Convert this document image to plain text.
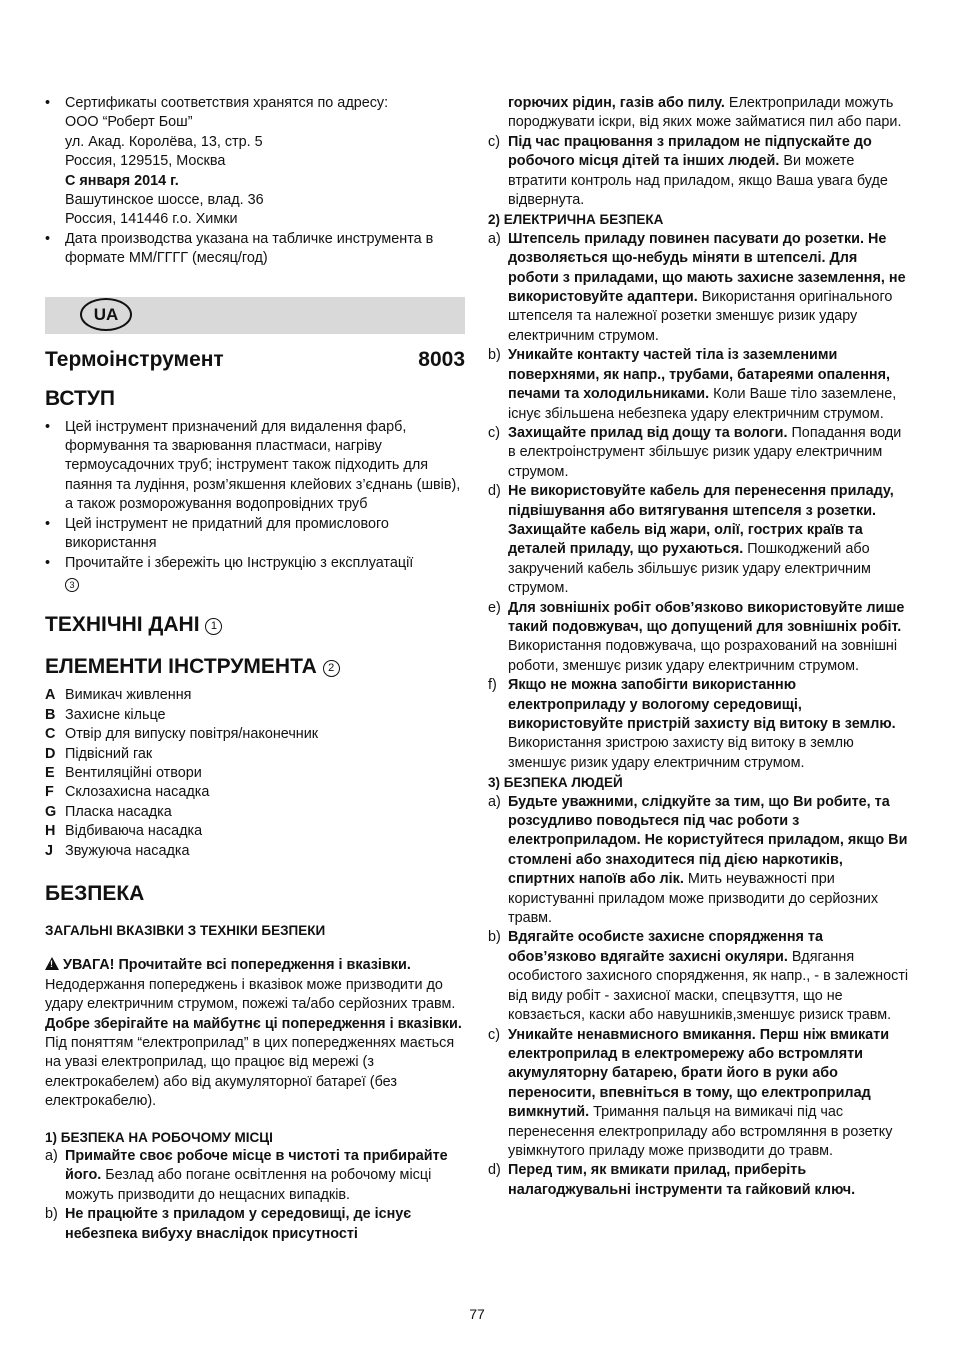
• Сертификаты соответствия хранятся по адресу:
ООО “Роберт Бош”
ул. Акад. Королёва, 13, стр. 5
Россия, 129515, Москва
С января 2014 г.
Вашутинское шоссе, влад. 36
Россия, 141446 г.о. Химки
• Дата производства указана на табличке инструмента в формате ММ/ГГГГ (месяц/год)
UA
Термоінструмент	8003
ВСТУП
• Цей інструмент призначений для видалення фарб, формування та зварювання пластмаси, нагріву термоусадочних труб; інструмент також підходить для паяння та лудіння, розм’якшення клейових з’єднань (швів), а також розморожування водопровідних труб
• Цей інструмент не придатний для промислового використання
• Прочитайте і збережіть цю Інструкцію з експлуатації
3
ТЕХНІЧНІ ДАНІ 1
ЕЛЕМЕНТИ ІНСТРУМЕНТА 2
A Вимикач живлення
B Захисне кільце
C Отвір для випуску повітря/наконечник
D Підвісний гак
E Вентиляційні отвори
F Склозахисна насадка
G Пласка насадка
H Відбиваюча насадка
J Звужуюча насадка
БЕЗПЕКА
ЗАГАЛЬНІ ВКАЗІВКИ З ТЕХНІКИ БЕЗПЕКИ
!УВАГА! Прочитайте всі попередження і вказівки. Недодержання попереджень і вказівок може призводити до удару електричним струмом, пожежі та/або серйозних травм. Добре зберігайте на майбутнє ці попередження і вказівки. Під поняттям “електроприлад” в цих попередженнях мається на увазі електроприлад, що працює від мережі (з електрокабелем) або від акумуляторної батареї (без електрокабелю).
1) БЕЗПЕКА НА РОБОЧОМУ МІСЦІ
a) Примайте своє робоче місце в чистоті та прибирайте його. Безлад або погане освітлення на робочому місці можуть призводити до нещасних випадків.
b) Не працюйте з приладом у середовищі, де існує небезпека вибуху внаслідок присутності
горючих рідин, газів або пилу. Електроприлади можуть породжувати іскри, від яких може займатися пил або пари.
c) Під час працювання з приладом не підпускайте до робочого місця дітей та інших людей. Ви можете втратити контроль над приладом, якщо Ваша увага буде відвернута.
2) ЕЛЕКТРИЧНА БЕЗПЕКА
a) Штепсель приладу повинен пасувати до розетки. Не дозволяється що-небудь міняти в штепселі. Для роботи з приладами, що мають захисне заземлення, не використовуйте адаптери. Використання оригінального штепселя та належної розетки зменшує ризик удару електричним струмом.
b) Уникайте контакту частей тіла із заземленими поверхнями, як напр., трубами, батареями опалення, печами та холодильниками. Коли Ваше тіло заземлене, існує збільшена небезпека удару електричним струмом.
c) Захищайте прилад від дощу та вологи. Попадання води в електроінструмент збільшує ризик удару електричним струмом.
d) Не використовуйте кабель для перенесення приладу, підвішування або витягування штепселя з розетки. Захищайте кабель від жари, олії, гострих країв та деталей приладу, що рухаються. Пошкоджений або закручений кабель збільшує ризик удару електричним струмом.
e) Для зовнішніх робіт обов’язково використовуйте лише такий подовжувач, що допущений для зовнішніх робіт. Використання подовжувача, що розрахований на зовнішні роботи, зменшує ризик удару електричним струмом.
f) Якщо не можна запобігти використанню електроприладу у вологому середовищі, використовуйте пристрій захисту від витоку в землю. Використання зристрою захисту від витоку в землю зменшує ризик удару електричним струмом.
3) БЕЗПЕКА ЛЮДЕЙ
a) Будьте уважними, слідкуйте за тим, що Ви робите, та розсудливо поводьтеся під час роботи з електроприладом. Не користуйтеся приладом, якщо Ви стомлені або знаходитеся під дією наркотиків, спиртних напоїв або лік. Мить неуважності при користуванні приладом може призводити до серйозних травм.
b) Вдягайте особисте захисне спорядження та обов’язково вдягайте захисні окуляри. Вдягання особистого захисного спорядження, як напр., - в залежності від виду робіт - захисної маски, спецвзуття, що не ковзається, каски або навушників,зменшує ризиск травм.
c) Уникайте ненавмисного вмикання. Перш ніж вмикати електроприлад в електромережу або встромляти акумуляторну батарею, брати його в руки або переносити, впевніться в тому, що електроприлад вимкнутий. Тримання пальця на вимикачі під час перенесення електроприладу або встромляння в розетку увімкнутого приладу може призводити до травм.
d) Перед тим, як вмикати прилад, приберіть налагоджувальні інструменти та гайковий ключ.
77
